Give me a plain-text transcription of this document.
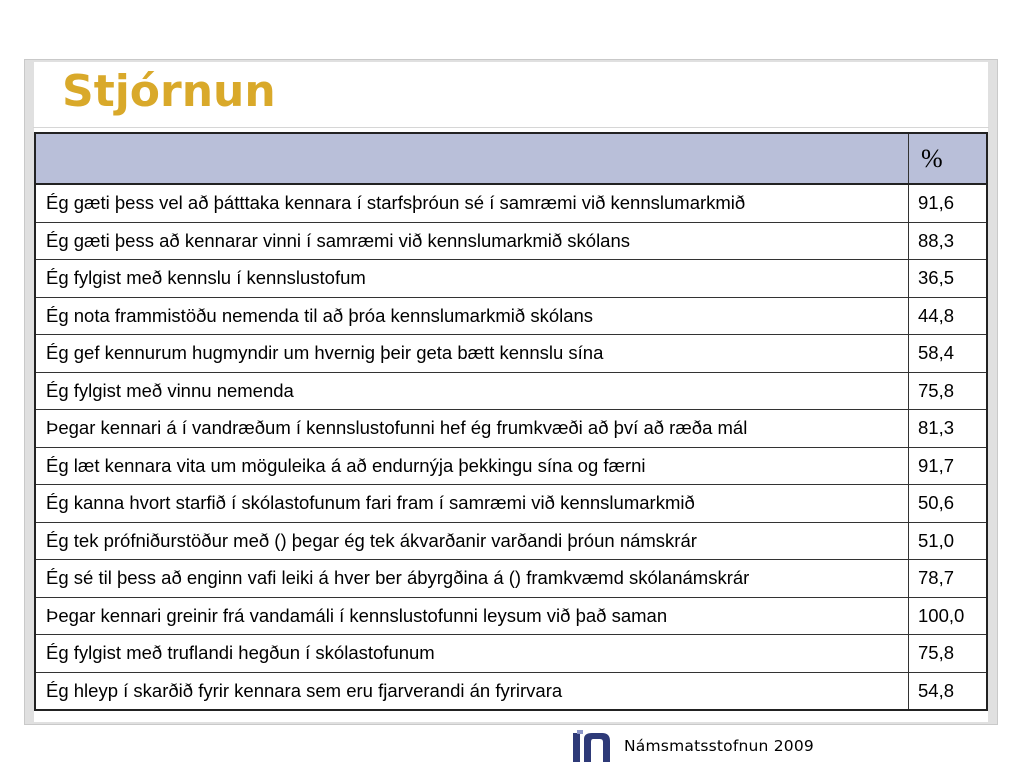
Stjórnun
	%
Ég gæti þess vel að þátttaka kennara í starfsþróun sé í samræmi við kennslumarkmið	91,6
Ég gæti þess að kennarar vinni í samræmi við kennslumarkmið skólans	88,3
Ég fylgist með kennslu í kennslustofum	36,5
Ég nota frammistöðu nemenda til að þróa kennslumarkmið skólans	44,8
Ég gef kennurum hugmyndir um hvernig þeir geta bætt kennslu sína	58,4
Ég fylgist með vinnu nemenda	75,8
Þegar kennari á í vandræðum í kennslustofunni hef ég frumkvæði að því að ræða mál	81,3
Ég læt kennara vita um möguleika á að endurnýja þekkingu sína og færni	91,7
Ég kanna hvort starfið í skólastofunum fari fram í samræmi við kennslumarkmið	50,6
Ég tek prófniðurstöður með () þegar ég tek ákvarðanir varðandi þróun námskrár	51,0
Ég sé til þess að enginn vafi leiki á hver ber ábyrgðina á () framkvæmd skólanámskrár	78,7
Þegar kennari greinir frá vandamáli í kennslustofunni leysum við það saman	100,0
Ég fylgist með truflandi hegðun í skólastofunum	75,8
Ég hleyp í skarðið fyrir kennara sem eru fjarverandi án fyrirvara	54,8
Námsmatsstofnun 2009
